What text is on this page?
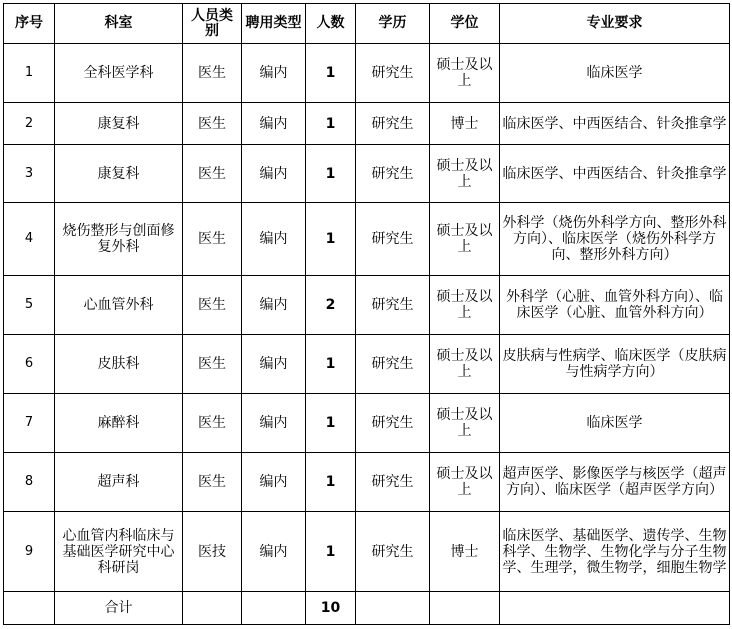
序号	科室	人员类别	聘用类型	人数	学历	学位	专业要求
1	全科医学科	医生	编内	1	研究生	硕士及以上	临床医学
2	康复科	医生	编内	1	研究生	博士	临床医学、中西医结合、针灸推拿学
3	康复科	医生	编内	1	研究生	硕士及以上	临床医学、中西医结合、针灸推拿学
4	烧伤整形与创面修复外科	医生	编内	1	研究生	硕士及以上	外科学（烧伤外科学方向、整形外科方向）、临床医学（烧伤外科学方向、整形外科方向）
5	心血管外科	医生	编内	2	研究生	硕士及以上	外科学（心脏、血管外科方向）、临床医学（心脏、血管外科方向）
6	皮肤科	医生	编内	1	研究生	硕士及以上	皮肤病与性病学、临床医学（皮肤病与性病学方向）
7	麻醉科	医生	编内	1	研究生	硕士及以上	临床医学
8	超声科	医生	编内	1	研究生	硕士及以上	超声医学、影像医学与核医学（超声方向）、临床医学（超声医学方向）
9	心血管内科临床与基础医学研究中心科研岗	医技	编内	1	研究生	博士	临床医学、基础医学、遗传学、生物科学、生物学、生物化学与分子生物学、生理学，微生物学，细胞生物学
	合计			10			
